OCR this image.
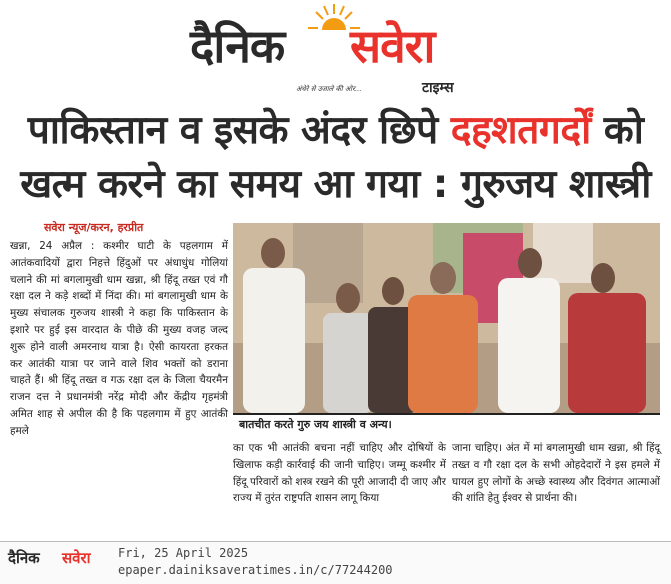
दैनिक सवेरा
अंधेरे से उजाले की ओर...	टाइम्स
पाकिस्तान व इसके अंदर छिपे दहशतगर्दों को
खत्म करने का समय आ गया : गुरुजय शास्त्री
सवेरा न्यूज/करन, हरप्रीत
खन्ना, 24 अप्रैल : कश्मीर घाटी के पहलगाम में आतंकवादियों द्वारा निहत्ते हिंदुओं पर अंधाधुंध गोलियां चलाने की मां बगलामुखी धाम खन्ना, श्री हिंदू तख्त एवं गौ रक्षा दल ने कड़े शब्दों में निंदा की। मां बगलामुखी धाम के मुख्य संचालक गुरुजय शास्त्री ने कहा कि पाकिस्तान के इशारे पर हुई इस वारदात के पीछे की मुख्य वजह जल्द शुरू होने वाली अमरनाथ यात्रा है। ऐसी कायरता हरकत कर आतंकी यात्रा पर जाने वाले शिव भक्तों को डराना चाहते हैं। श्री हिंदू तख्त व गऊ रक्षा दल के जिला चैयरमैन राजन दत्त ने प्रधानमंत्री नरेंद्र मोदी और केंद्रीय गृहमंत्री अमित शाह से अपील की है कि पहलगाम में हुए आतंकी हमले	बातचीत करते गुरु जय शास्त्री व अन्य।
का एक भी आतंकी बचना नहीं चाहिए और दोषियों के खिलाफ कड़ी कार्रवाई की जानी चाहिए। जम्मू कश्मीर में हिंदू परिवारों को शस्त्र रखने की पूरी आजादी दी जाए और राज्य में तुरंत राष्ट्रपति शासन लागू किया
जाना चाहिए। अंत में मां बगलामुखी धाम खन्ना, श्री हिंदू तख्त व गौ रक्षा दल के सभी ओहदेदारों ने इस हमले में घायल हुए लोगों के अच्छे स्वास्थ्य और दिवंगत आत्माओं की शांति हेतु ईश्वर से प्रार्थना की।
दैनिक सवेरा Fri, 25 April 2025
epaper.dainiksaveratimes.in/c/77244200
